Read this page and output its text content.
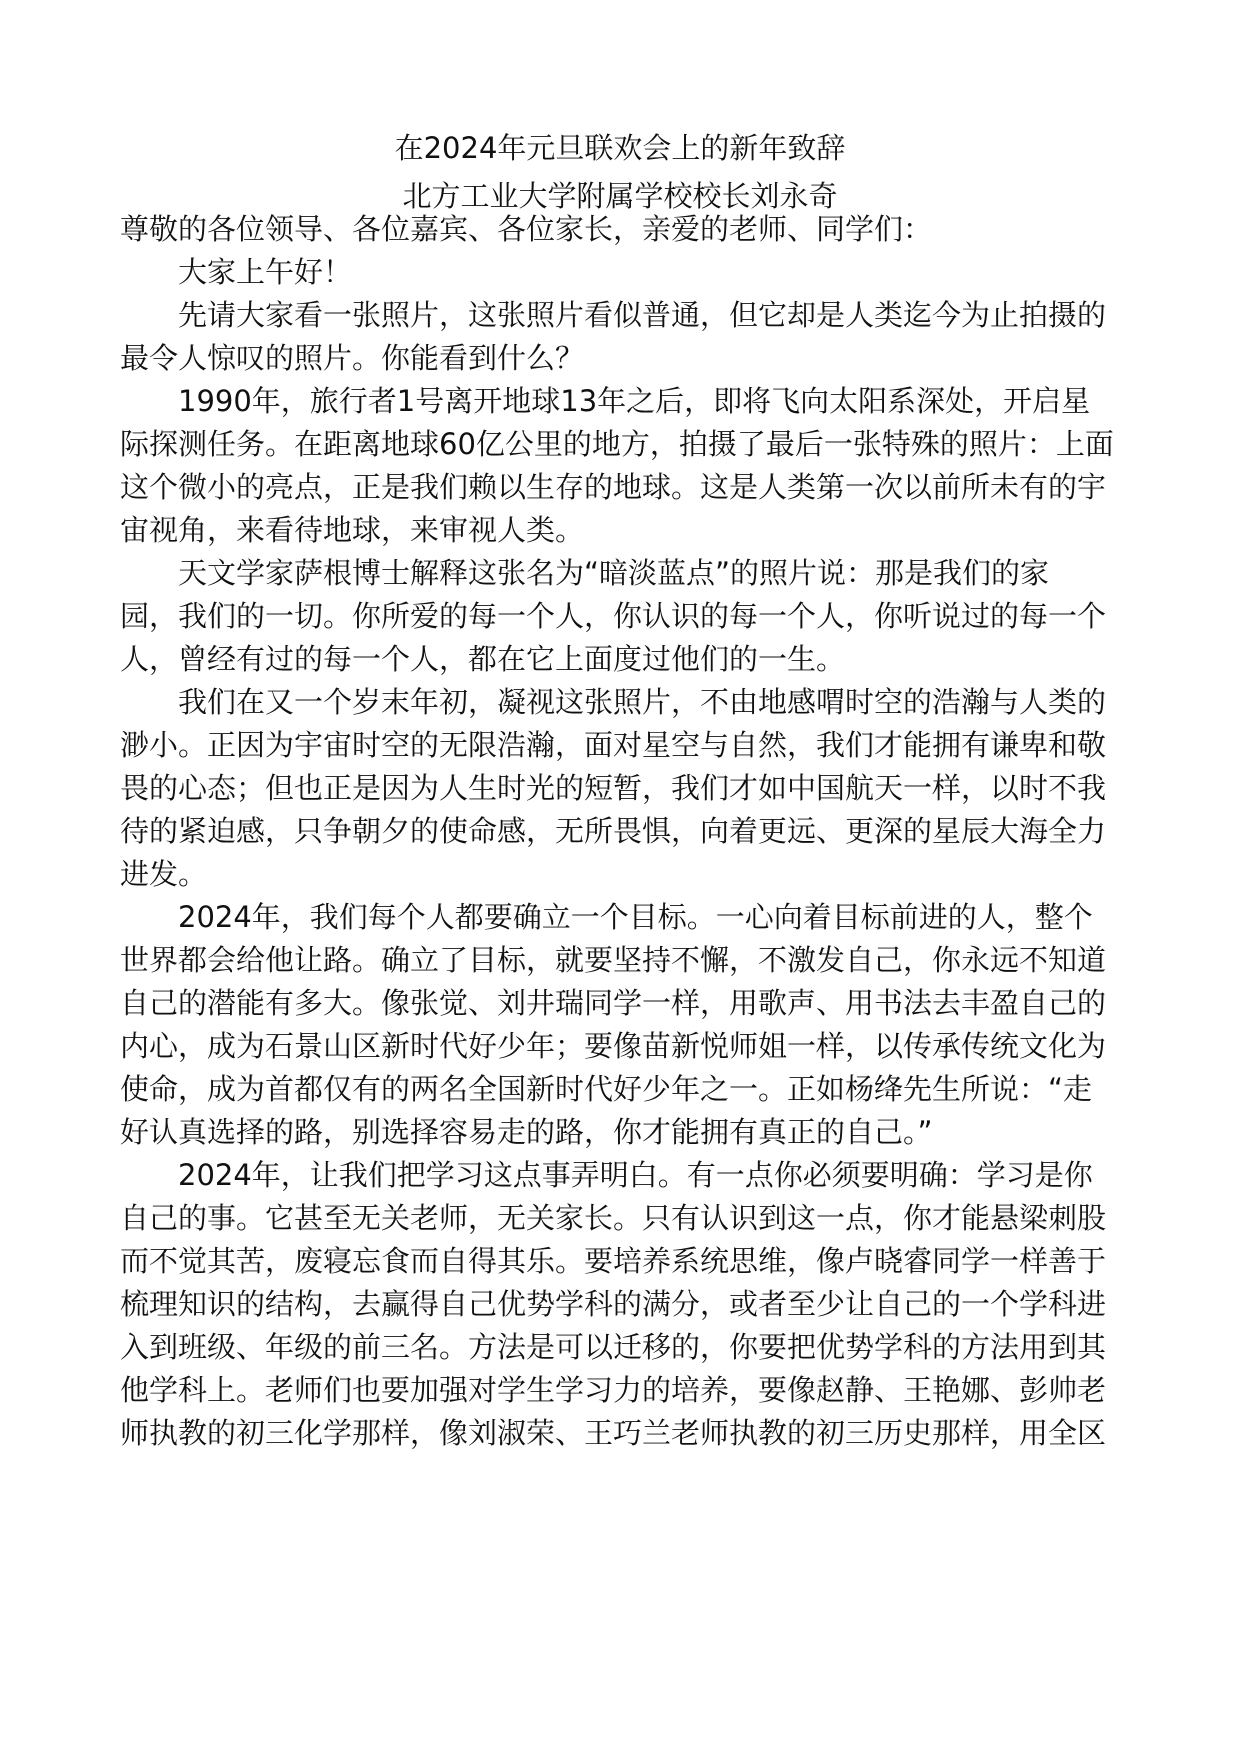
在2024年元旦联欢会上的新年致辞
北方工业大学附属学校校长刘永奇
尊敬的各位领导、各位嘉宾、各位家长，亲爱的老师、同学们：
大家上午好！
先请大家看一张照片，这张照片看似普通，但它却是人类迄今为止拍摄的
最令人惊叹的照片。你能看到什么？
1990年，旅行者1号离开地球13年之后，即将飞向太阳系深处，开启星
际探测任务。在距离地球60亿公里的地方，拍摄了最后一张特殊的照片：上面
这个微小的亮点，正是我们赖以生存的地球。这是人类第一次以前所未有的宇
宙视角，来看待地球，来审视人类。
天文学家萨根博士解释这张名为“暗淡蓝点”的照片说：那是我们的家
园，我们的一切。你所爱的每一个人，你认识的每一个人，你听说过的每一个
人，曾经有过的每一个人，都在它上面度过他们的一生。
我们在又一个岁末年初，凝视这张照片，不由地感喟时空的浩瀚与人类的
渺小。正因为宇宙时空的无限浩瀚，面对星空与自然，我们才能拥有谦卑和敬
畏的心态；但也正是因为人生时光的短暂，我们才如中国航天一样，以时不我
待的紧迫感，只争朝夕的使命感，无所畏惧，向着更远、更深的星辰大海全力
进发。
2024年，我们每个人都要确立一个目标。一心向着目标前进的人，整个
世界都会给他让路。确立了目标，就要坚持不懈，不激发自己，你永远不知道
自己的潜能有多大。像张觉、刘井瑞同学一样，用歌声、用书法去丰盈自己的
内心，成为石景山区新时代好少年；要像苗新悦师姐一样，以传承传统文化为
使命，成为首都仅有的两名全国新时代好少年之一。正如杨绛先生所说：“走
好认真选择的路，别选择容易走的路，你才能拥有真正的自己。”
2024年，让我们把学习这点事弄明白。有一点你必须要明确：学习是你
自己的事。它甚至无关老师，无关家长。只有认识到这一点，你才能悬梁刺股
而不觉其苦，废寝忘食而自得其乐。要培养系统思维，像卢晓睿同学一样善于
梳理知识的结构，去赢得自己优势学科的满分，或者至少让自己的一个学科进
入到班级、年级的前三名。方法是可以迁移的，你要把优势学科的方法用到其
他学科上。老师们也要加强对学生学习力的培养，要像赵静、王艳娜、彭帅老
师执教的初三化学那样，像刘淑荣、王巧兰老师执教的初三历史那样，用全区
